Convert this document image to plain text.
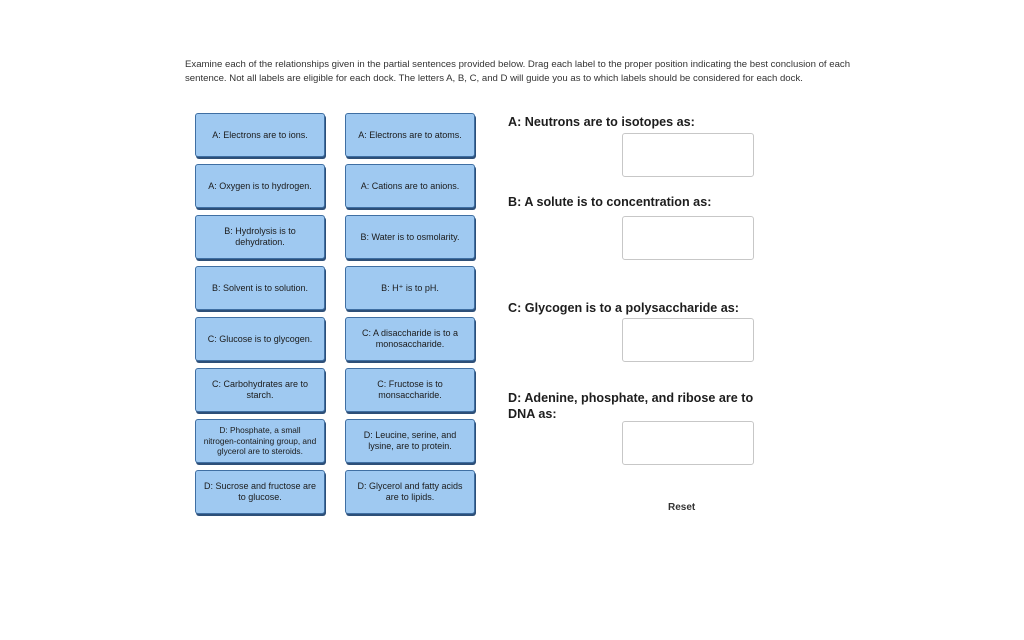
Examine each of the relationships given in the partial sentences provided below. Drag each label to the proper position indicating the best conclusion of each sentence. Not all labels are eligible for each dock. The letters A, B, C, and D will guide you as to which labels should be considered for each dock.
A: Electrons are to ions.
A: Oxygen is to hydrogen.
B: Hydrolysis is to dehydration.
B: Solvent is to solution.
C: Glucose is to glycogen.
C: Carbohydrates are to starch.
D: Phosphate, a small nitrogen-containing group, and glycerol are to steroids.
D: Sucrose and fructose are to glucose.
A: Electrons are to atoms.
A: Cations are to anions.
B: Water is to osmolarity.
B: H⁺ is to pH.
C: A disaccharide is to a monosaccharide.
C: Fructose is to monsaccharide.
D: Leucine, serine, and lysine, are to protein.
D: Glycerol and fatty acids are to lipids.
A: Neutrons are to isotopes as:
B: A solute is to concentration as:
C: Glycogen is to a polysaccharide as:
D: Adenine, phosphate, and ribose are to DNA as:
Reset
